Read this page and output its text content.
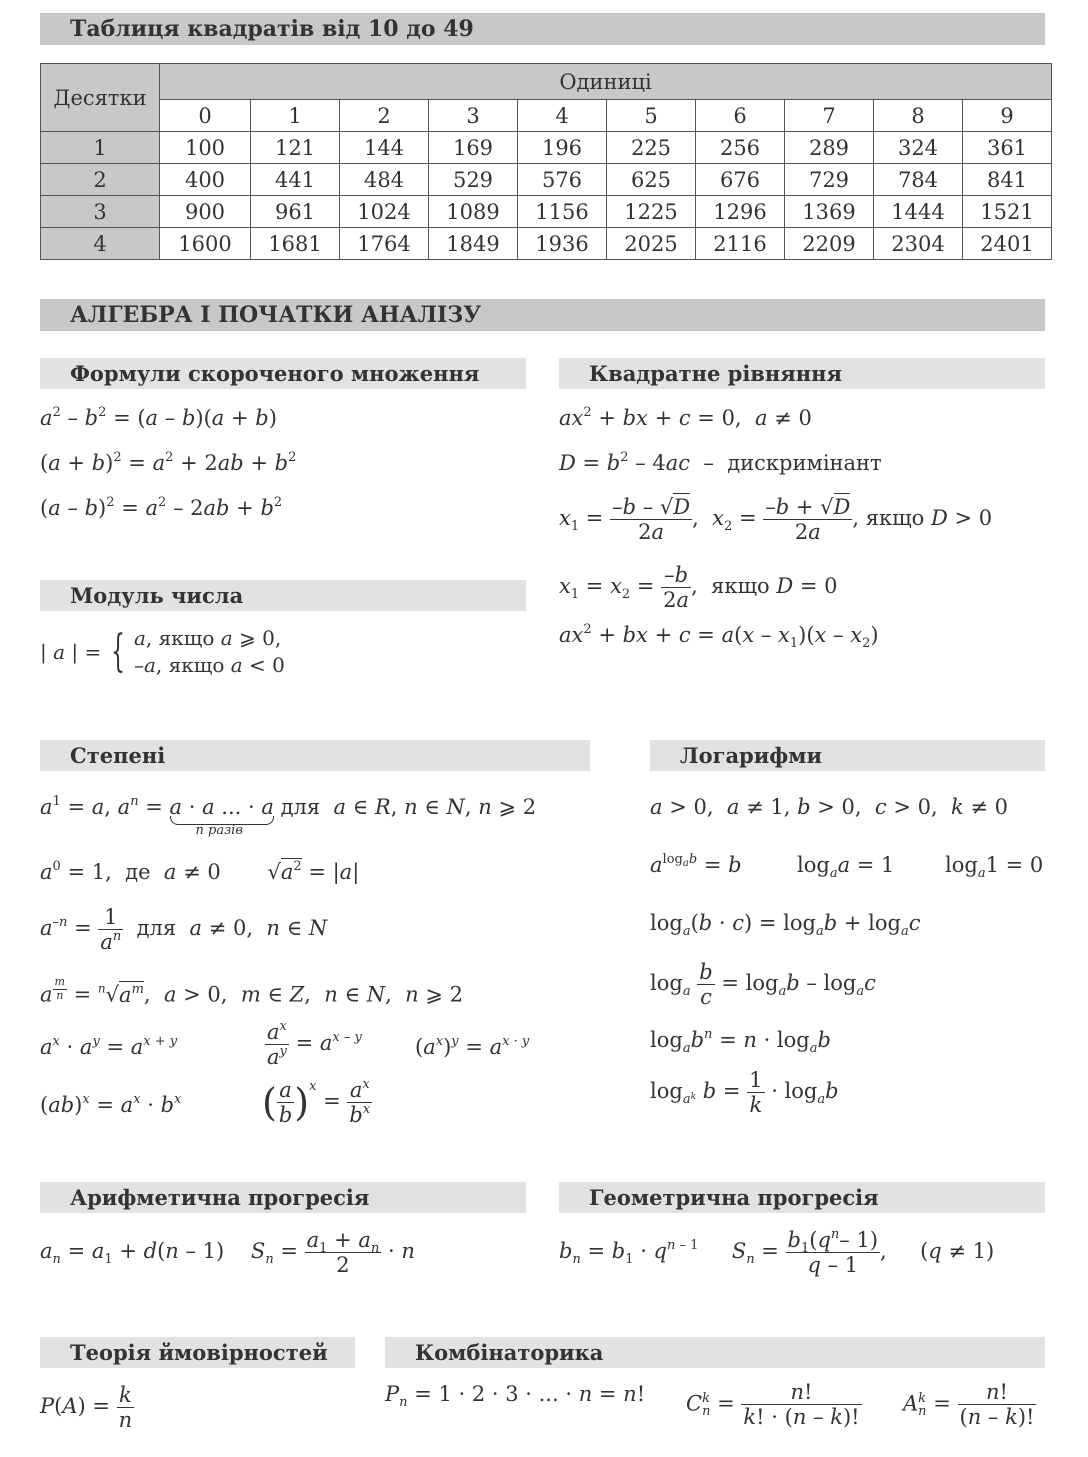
Таблиця квадратів від 10 до 49
Десятки	Одиниці									
	0	1	2	3	4	5	6	7	8	9
1	100	121	144	169	196	225	256	289	324	361
2	400	441	484	529	576	625	676	729	784	841
3	900	961	1024	1089	1156	1225	1296	1369	1444	1521
4	1600	1681	1764	1849	1936	2025	2116	2209	2304	2401
АЛГЕБРА І ПОЧАТКИ АНАЛІЗУ
Формули скороченого множення	Квадратне рівняння
$a^2 - b^2 = (a - b)(a + b)$
$(a + b)^2 = a^2 + 2ab + b^2$
$(a - b)^2 = a^2 - 2ab + b^2$
$ax^2$ + bx + c = 0,  a ≠ 0
$D = b^2 - 4ac$  –  дискримінант
$x_1 = \frac{-b - √D}{2a}$ ,  $x_2 = \frac{-b + √D}{2a}$ , якщо D > 0
$x_1 = x_2 = \frac{-b}{2a}$ ,  якщо D = 0
$ax^2$ + bx + $c = a(x - x_1)(x - x_2)$
Модуль числа
| a | = { a, якщо a ⩾ 0,
–a, якщо a < 0
Степені	Логарифми
$a^1 = a$, $a^n = a \cdot a$ ... · a
n разів
для a ∈ R, n ∈ N, n ⩾ 2
$a^0 = 1$,  де a ≠ 0       $√a^2 = |a|$
$a^{-n} = \frac{1}{a^n}$ для a ≠ 0,  n ∈ N
a $^{\frac{m}{n}} = ^n√a^m$,  a > 0,  m ∈ Z,  n ∈ N,  n ⩾ 2
$a^x \cdot a^y = a^{x + y}$	$\frac{a^x}{a^y} = a^{x - y}$	$(a^x)^y = a^{x \cdot y}$
$(ab)^x = a^x \cdot b^x$ ( $\frac{a}{b} )^x = \frac{a^x}{b^x}$
a > 0,  a ≠ 1, b > 0,  c > 0,  k ≠ 0
$a^{log_ab} = b$	$\log_aa = 1$ $\log_a1 = 0$
$\log_a(b \cdot c) = \log_ab + \log_ac$
$\log_a \frac{b}{c} = \log_ab - \log_ac$
$\log_ab^n = n \cdot \log_ab$
$\log_{a^k} b = \frac{1}{k} \cdot \log_ab$
Арифметична прогресія	Геометрична прогресія
$a_n = a_1 + d(n - 1)$    $S_n = \frac{a_1 + a_n}{2} \cdot n$	$b_n = b_1 \cdot q^{n - 1}$ $S_n = \frac{b_1(q^n- 1)}{q - 1}$ ,     (q ≠ 1)
Теорія ймовірностей	Комбінаторика
$P(A) = \frac{k}{n}$	$P_n = 1 \cdot 2 \cdot 3$ · ... · n = n! Ck
$n = \frac{n!}{k! \cdot (n - k)!}$ Ak
$n = \frac{n!}{(n - k)!}$
